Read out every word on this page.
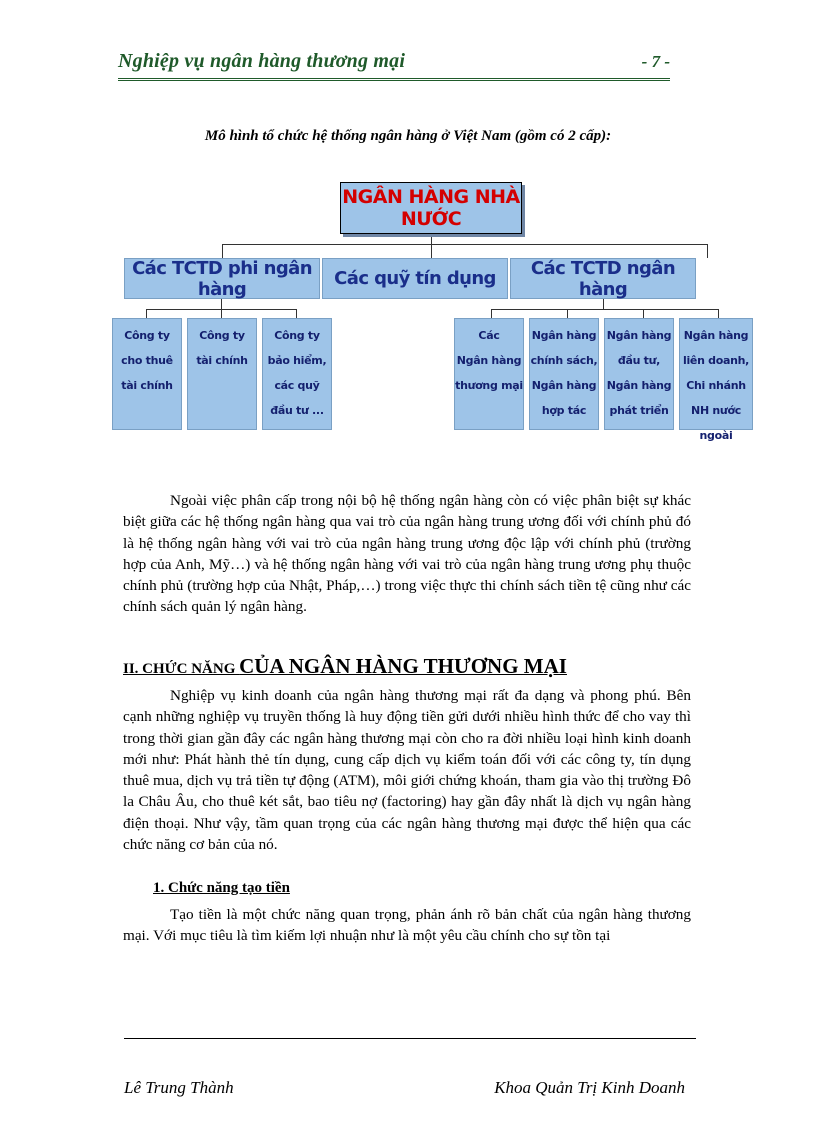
Nghiệp vụ ngân hàng thương mại	- 7 -
Mô hình tổ chức hệ thống ngân hàng ở Việt Nam (gồm có 2 cấp):
NGÂN HÀNG NHÀ NƯỚC
Các TCTD phi ngân hàng	Các quỹ tín dụng	Các TCTD ngân hàng
Công ty
cho thuê
tài chính
Công ty
tài chính
Công ty
bảo hiểm,
các quỹ
đầu tư ...
Các
Ngân hàng
thương mại
Ngân hàng
chính sách,
Ngân hàng
hợp tác
Ngân hàng
đầu tư,
Ngân hàng
phát triển
Ngân hàng
liên doanh,
Chi nhánh
NH nước ngoài
Ngoài việc phân cấp trong nội bộ hệ thống ngân hàng còn có việc phân biệt sự khác biệt giữa các hệ thống ngân hàng qua vai trò của ngân hàng trung ương đối với chính phủ đó là hệ thống ngân hàng với vai trò của ngân hàng trung ương độc lập với chính phủ (trường hợp của Anh, Mỹ…) và hệ thống ngân hàng với vai trò của ngân hàng trung ương phụ thuộc chính phủ (trường hợp của Nhật, Pháp,…) trong việc thực thi chính sách tiền tệ cũng như các chính sách quản lý ngân hàng.
II. CHỨC NĂNG CỦA NGÂN HÀNG THƯƠNG MẠI
Nghiệp vụ kinh doanh của ngân hàng thương mại rất đa dạng và phong phú. Bên cạnh những nghiệp vụ truyền thống là huy động tiền gửi dưới nhiều hình thức để cho vay thì trong thời gian gần đây các ngân hàng thương mại còn cho ra đời nhiều loại hình kinh doanh mới như: Phát hành thẻ tín dụng, cung cấp dịch vụ kiểm toán đối với các công ty, tín dụng thuê mua, dịch vụ trả tiền tự động (ATM), môi giới chứng khoán, tham gia vào thị trường Đô la Châu Âu, cho thuê két sắt, bao tiêu nợ (factoring) hay gần đây nhất là dịch vụ ngân hàng điện thoại. Như vậy, tầm quan trọng của các ngân hàng thương mại được thể hiện qua các chức năng cơ bản của nó.
1. Chức năng tạo tiền
Tạo tiền là một chức năng quan trọng, phản ánh rõ bản chất của ngân hàng thương mại. Với mục tiêu là tìm kiếm lợi nhuận như là một yêu cầu chính cho sự tồn tại
Lê Trung Thành	Khoa Quản Trị Kinh Doanh
